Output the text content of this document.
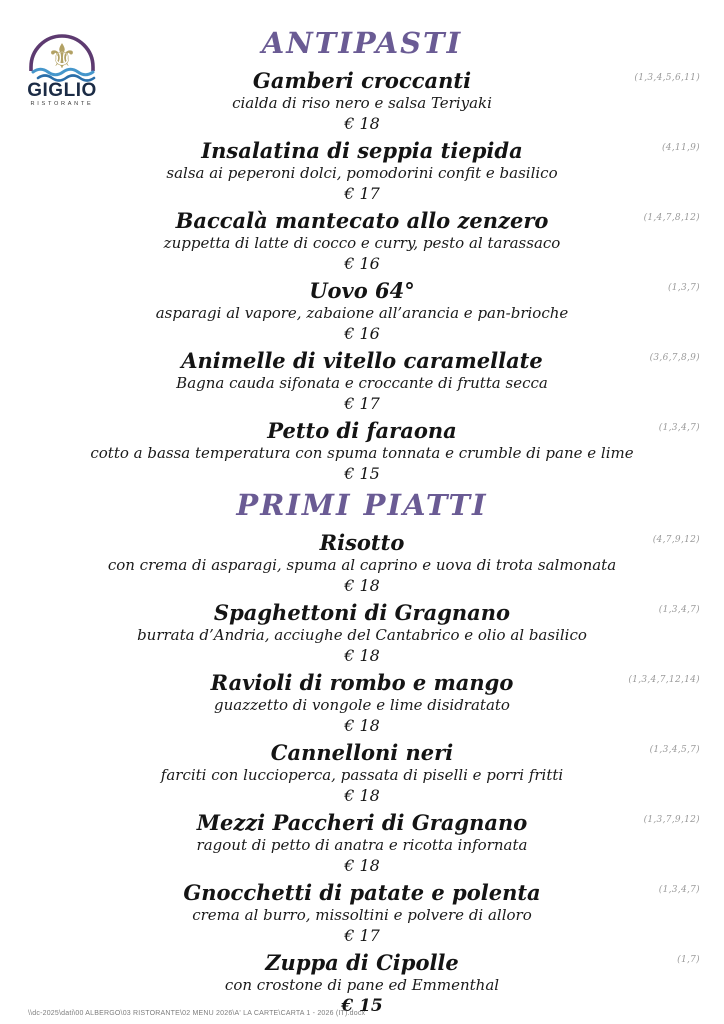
⚜
GIGLIO
RISTORANTE
ANTIPASTI
Gamberi croccanti

cialda di riso nero e salsa Teriyaki

€ 18

(1,3,4,5,6,11)
Insalatina di seppia tiepida

salsa ai peperoni dolci, pomodorini confit e basilico

€ 17

(4,11,9)
Baccalà mantecato allo zenzero

zuppetta di latte di cocco e curry, pesto al tarassaco

€ 16

(1,4,7,8,12)
Uovo 64°

asparagi al vapore, zabaione all’arancia e pan-brioche

€ 16

(1,3,7)
Animelle di vitello caramellate

Bagna cauda sifonata e croccante di frutta secca

€ 17

(3,6,7,8,9)
Petto di faraona

cotto a bassa temperatura con spuma tonnata e crumble di pane e lime

€ 15

(1,3,4,7)
PRIMI PIATTI
Risotto

con crema di asparagi, spuma al caprino e uova di trota salmonata

€ 18

(4,7,9,12)
Spaghettoni di Gragnano

burrata d’Andria, acciughe del Cantabrico e olio al basilico

€ 18

(1,3,4,7)
Ravioli di rombo e mango

guazzetto di vongole e lime disidratato

€ 18

(1,3,4,7,12,14)
Cannelloni neri

farciti con luccioperca, passata di piselli e porri fritti

€ 18

(1,3,4,5,7)
Mezzi Paccheri di Gragnano

ragout di petto di anatra e ricotta infornata

€ 18

(1,3,7,9,12)
Gnocchetti di patate e polenta

crema al burro, missoltini e polvere di alloro

€ 17

(1,3,4,7)
Zuppa di Cipolle

con crostone di pane ed Emmenthal

€ 15

(1,7)
\\dc-2025\dati\00 ALBERGO\03 RISTORANTE\02 MENU 2026\A' LA CARTE\CARTA 1 - 2026 (IT).docx
